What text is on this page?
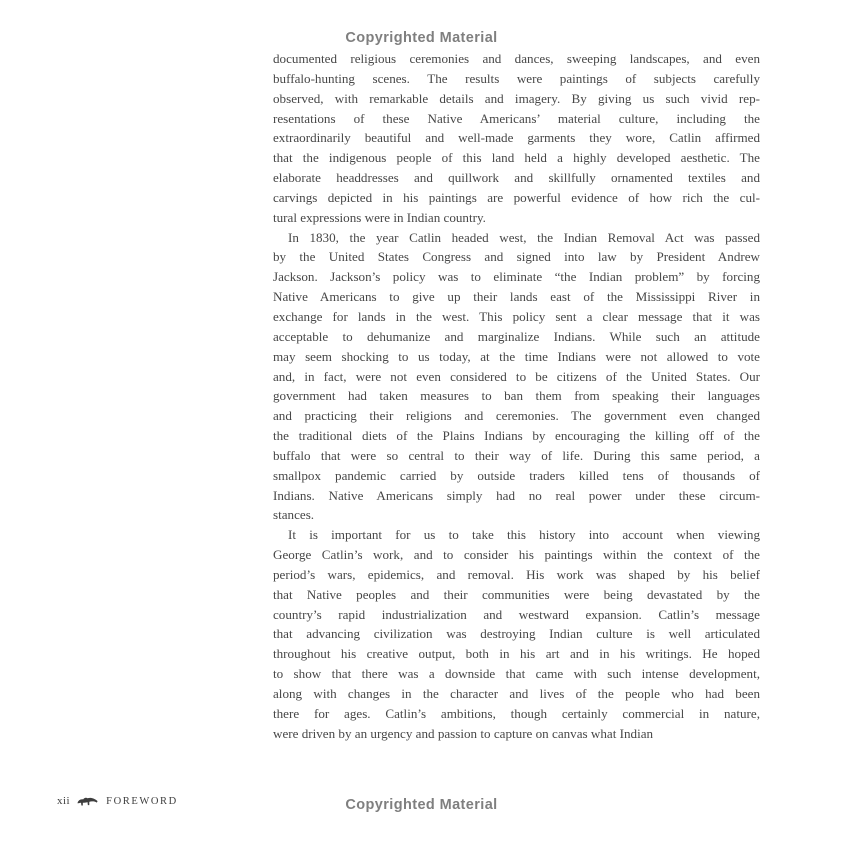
Copyrighted Material
documented religious ceremonies and dances, sweeping landscapes, and even
buffalo-hunting scenes. The results were paintings of subjects carefully
observed, with remarkable details and imagery. By giving us such vivid rep-
resentations of these Native Americans’ material culture, including the
extraordinarily beautiful and well-made garments they wore, Catlin affirmed
that the indigenous people of this land held a highly developed aesthetic. The
elaborate headdresses and quillwork and skillfully ornamented textiles and
carvings depicted in his paintings are powerful evidence of how rich the cul-
tural expressions were in Indian country.
In 1830, the year Catlin headed west, the Indian Removal Act was passed
by the United States Congress and signed into law by President Andrew
Jackson. Jackson’s policy was to eliminate “the Indian problem” by forcing
Native Americans to give up their lands east of the Mississippi River in
exchange for lands in the west. This policy sent a clear message that it was
acceptable to dehumanize and marginalize Indians. While such an attitude
may seem shocking to us today, at the time Indians were not allowed to vote
and, in fact, were not even considered to be citizens of the United States. Our
government had taken measures to ban them from speaking their languages
and practicing their religions and ceremonies. The government even changed
the traditional diets of the Plains Indians by encouraging the killing off of the
buffalo that were so central to their way of life. During this same period, a
smallpox pandemic carried by outside traders killed tens of thousands of
Indians. Native Americans simply had no real power under these circum-
stances.
It is important for us to take this history into account when viewing
George Catlin’s work, and to consider his paintings within the context of the
period’s wars, epidemics, and removal. His work was shaped by his belief
that Native peoples and their communities were being devastated by the
country’s rapid industrialization and westward expansion. Catlin’s message
that advancing civilization was destroying Indian culture is well articulated
throughout his creative output, both in his art and in his writings. He hoped
to show that there was a downside that came with such intense development,
along with changes in the character and lives of the people who had been
there for ages. Catlin’s ambitions, though certainly commercial in nature,
were driven by an urgency and passion to capture on canvas what Indian
xii	FOREWORD	Copyrighted Material
